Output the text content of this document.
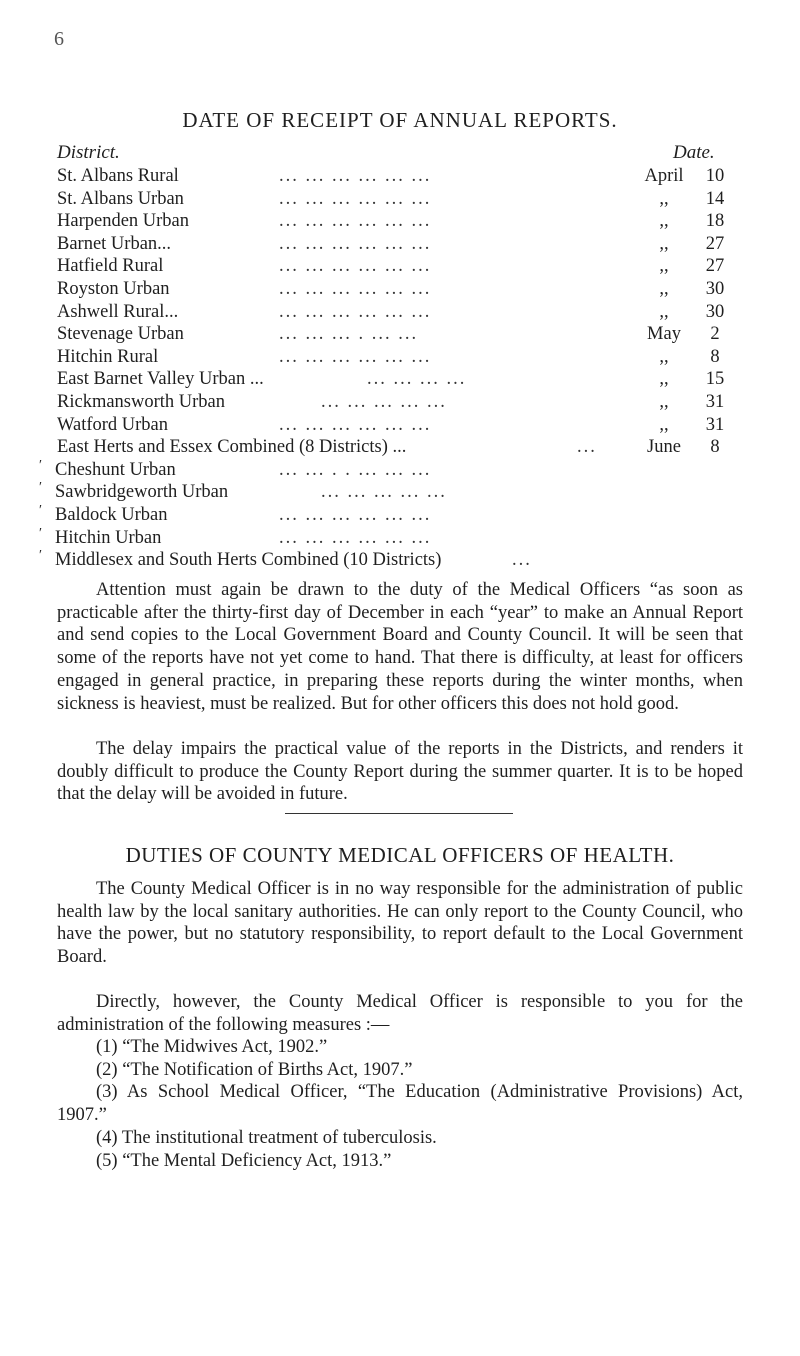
6
DATE OF RECEIPT OF ANNUAL REPORTS.
District.	Date.
St. Albans Rural	... ... ... ... ... ...	April	10
St. Albans Urban	... ... ... ... ... ...	,,	14
Harpenden Urban	... ... ... ... ... ...	,,	18
Barnet Urban...	... ... ... ... ... ...	,,	27
Hatfield Rural	... ... ... ... ... ...	,,	27
Royston Urban	... ... ... ... ... ...	,,	30
Ashwell Rural...	... ... ... ... ... ...	,,	30
Stevenage Urban	... ... ... . ... ...	May	2
Hitchin Rural	... ... ... ... ... ...	,,	8
East Barnet Valley Urban ...	... ... ... ...	,,	15
Rickmansworth Urban	... ... ... ... ...	,,	31
Watford Urban	... ... ... ... ... ...	,,	31
East Herts and Essex Combined (8 Districts) ...	...	June	8
′ Cheshunt Urban	... ... . . ... ... ...
′ Sawbridgeworth Urban	... ... ... ... ...
′ Baldock Urban	... ... ... ... ... ...
′ Hitchin Urban	... ... ... ... ... ...
′ Middlesex and South Herts Combined (10 Districts)	...

Attention must again be drawn to the duty of the Medical Officers “as soon as practicable after the thirty-first day of December in each “year” to make an Annual Report and send copies to the Local Government Board and County Council. It will be seen that some of the reports have not yet come to hand. That there is difficulty, at least for officers engaged in general practice, in preparing these reports during the winter months, when sickness is heaviest, must be realized. But for other officers this does not hold good.

The delay impairs the practical value of the reports in the Districts, and renders it doubly difficult to produce the County Report during the summer quarter. It is to be hoped that the delay will be avoided in future.

DUTIES OF COUNTY MEDICAL OFFICERS OF HEALTH.

The County Medical Officer is in no way responsible for the administration of public health law by the local sanitary authorities. He can only report to the County Council, who have the power, but no statutory responsibility, to report default to the Local Government Board.

Directly, however, the County Medical Officer is responsible to you for the administration of the following measures :—

(1) “The Midwives Act, 1902.”
(2) “The Notification of Births Act, 1907.”
(3) As School Medical Officer, “The Education (Administrative Provisions) Act, 1907.”
(4) The institutional treatment of tuberculosis.
(5) “The Mental Deficiency Act, 1913.”
